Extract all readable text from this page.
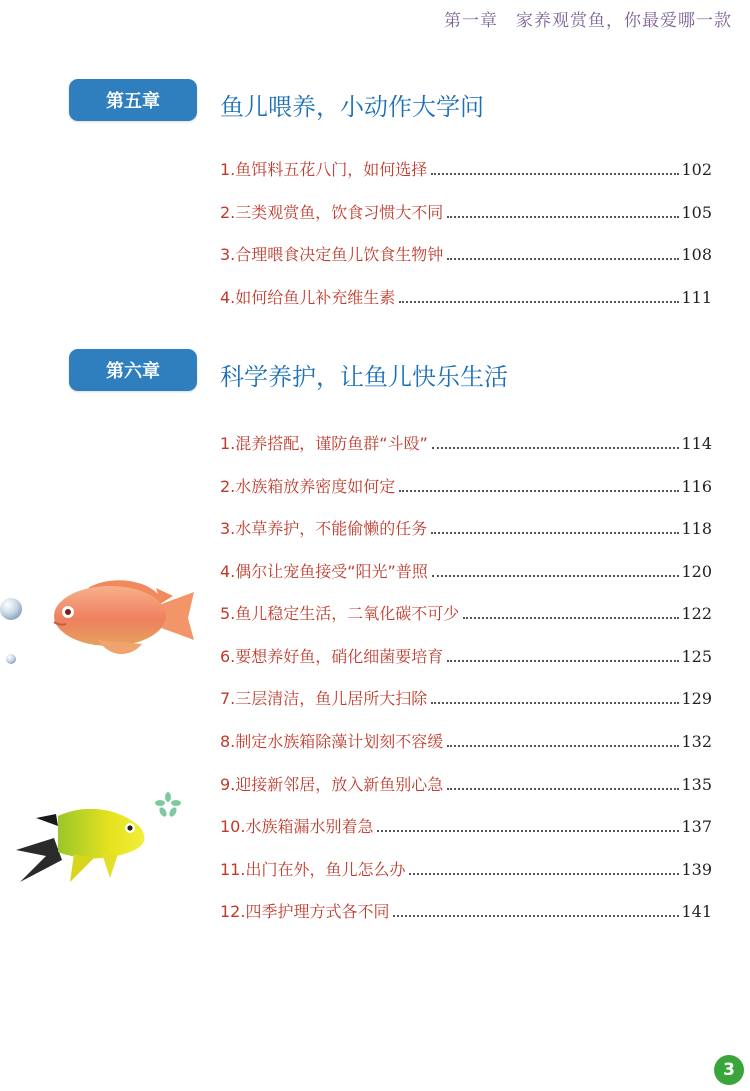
第一章　家养观赏鱼，你最爱哪一款
第五章	鱼儿喂养，小动作大学问
1.鱼饵料五花八门，如何选择	102
2.三类观赏鱼，饮食习惯大不同	105
3.合理喂食决定鱼儿饮食生物钟	108
4.如何给鱼儿补充维生素	111
第六章	科学养护，让鱼儿快乐生活
1.混养搭配，谨防鱼群“斗殴”	114
2.水族箱放养密度如何定	116
3.水草养护，不能偷懒的任务	118
4.偶尔让宠鱼接受“阳光”普照	120
5.鱼儿稳定生活，二氧化碳不可少	122
6.要想养好鱼，硝化细菌要培育	125
7.三层清洁，鱼儿居所大扫除	129
8.制定水族箱除藻计划刻不容缓	132
9.迎接新邻居，放入新鱼别心急	135
10.水族箱漏水别着急	137
11.出门在外，鱼儿怎么办	139
12.四季护理方式各不同	141
3
